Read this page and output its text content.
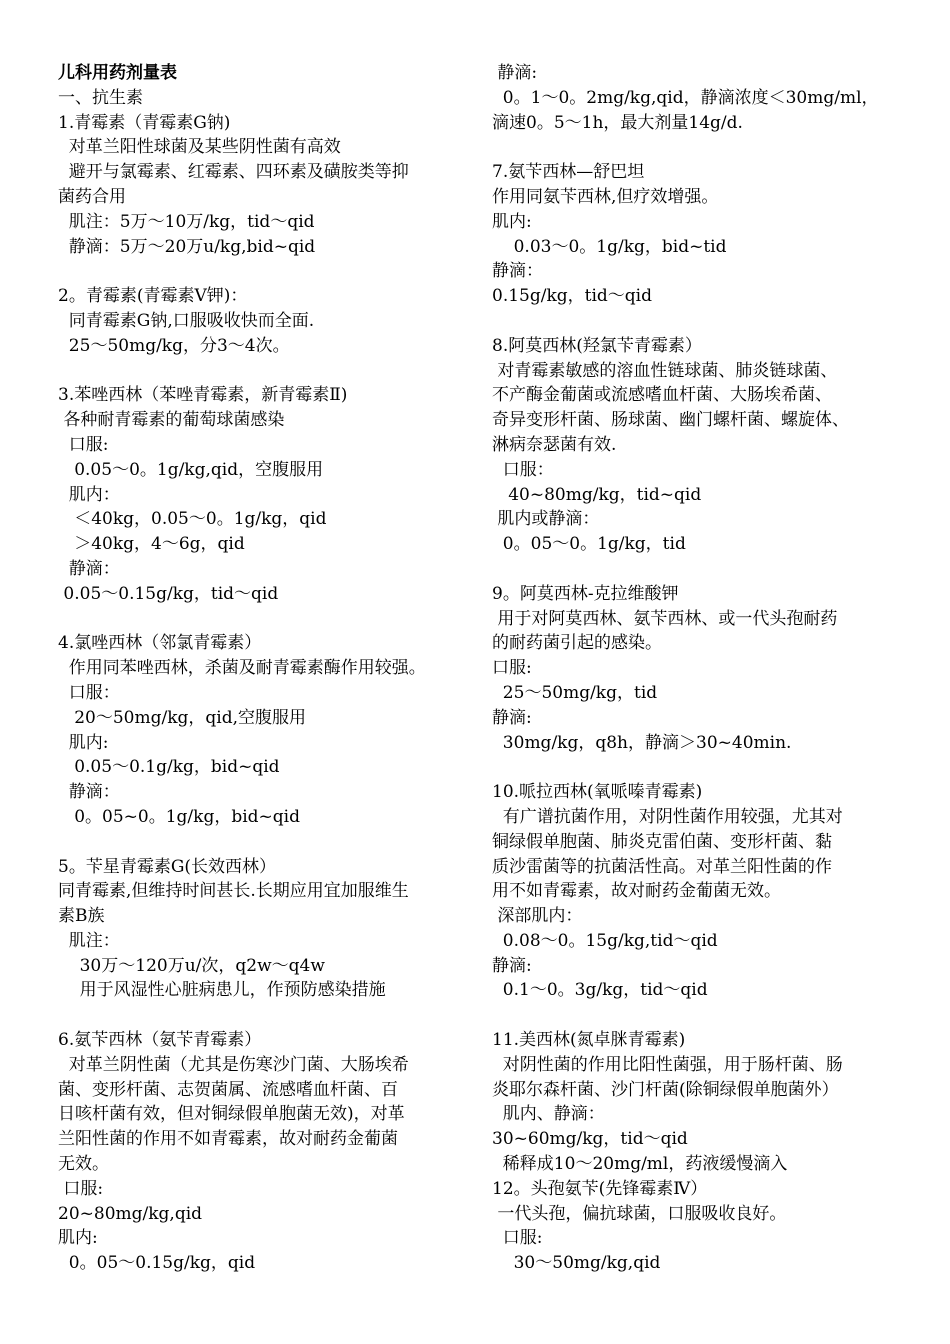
儿科用药剂量表
一、抗生素
1.青霉素（青霉素G钠)
对革兰阳性球菌及某些阴性菌有高效
避开与氯霉素、红霉素、四环素及磺胺类等抑
菌药合用
肌注：5万～10万/kg，tid～qid
静滴：5万～20万u/kg,bid~qid
2。青霉素(青霉素V钾)：
同青霉素G钠,口服吸收快而全面.
25～50mg/kg，分3～4次。
3.苯唑西林（苯唑青霉素，新青霉素Ⅱ)
各种耐青霉素的葡萄球菌感染
口服:
0.05～0。1g/kg,qid，空腹服用
肌内：
＜40kg，0.05～0。1g/kg，qid
＞40kg，4～6g，qid
静滴：
0.05～0.15g/kg，tid～qid
4.氯唑西林（邻氯青霉素）
作用同苯唑西林，杀菌及耐青霉素酶作用较强。
口服：
20～50mg/kg，qid,空腹服用
肌内:
0.05～0.1g/kg，bid~qid
静滴：
0。05~0。1g/kg，bid~qid
5。苄星青霉素G(长效西林）
同青霉素,但维持时间甚长.长期应用宜加服维生
素B族
肌注：
30万～120万u/次，q2w～q4w
用于风湿性心脏病患儿，作预防感染措施
6.氨苄西林（氨苄青霉素）
对革兰阴性菌（尤其是伤寒沙门菌、大肠埃希
菌、变形杆菌、志贺菌属、流感嗜血杆菌、百
日咳杆菌有效，但对铜绿假单胞菌无效)，对革
兰阳性菌的作用不如青霉素，故对耐药金葡菌
无效。
口服:
20~80mg/kg,qid
肌内:
0。05～0.15g/kg，qid
静滴:
0。1～0。2mg/kg,qid，静滴浓度＜30mg/ml，
滴速0。5～1h，最大剂量14g/d.
7.氨苄西林—舒巴坦
作用同氨苄西林,但疗效增强。
肌内:
0.03～0。1g/kg，bid~tid
静滴：
0.15g/kg，tid～qid
8.阿莫西林(羟氯苄青霉素）
对青霉素敏感的溶血性链球菌、肺炎链球菌、
不产酶金葡菌或流感嗜血杆菌、大肠埃希菌、
奇异变形杆菌、肠球菌、幽门螺杆菌、螺旋体、
淋病奈瑟菌有效.
口服：
40~80mg/kg，tid~qid
肌内或静滴：
0。05～0。1g/kg，tid
9。阿莫西林-克拉维酸钾
用于对阿莫西林、氨苄西林、或一代头孢耐药
的耐药菌引起的感染。
口服:
25～50mg/kg，tid
静滴:
30mg/kg，q8h，静滴＞30~40min.
10.哌拉西林(氧哌嗪青霉素)
有广谱抗菌作用，对阴性菌作用较强，尤其对
铜绿假单胞菌、肺炎克雷伯菌、变形杆菌、黏
质沙雷菌等的抗菌活性高。对革兰阳性菌的作
用不如青霉素，故对耐药金葡菌无效。
深部肌内：
0.08～0。15g/kg,tid～qid
静滴:
0.1～0。3g/kg，tid～qid
11.美西林(氮卓脒青霉素)
对阴性菌的作用比阳性菌强，用于肠杆菌、肠
炎耶尔森杆菌、沙门杆菌(除铜绿假单胞菌外）
肌内、静滴：
30~60mg/kg，tid～qid
稀释成10～20mg/ml，药液缓慢滴入
12。头孢氨苄(先锋霉素Ⅳ）
一代头孢，偏抗球菌，口服吸收良好。
口服:
30～50mg/kg,qid
